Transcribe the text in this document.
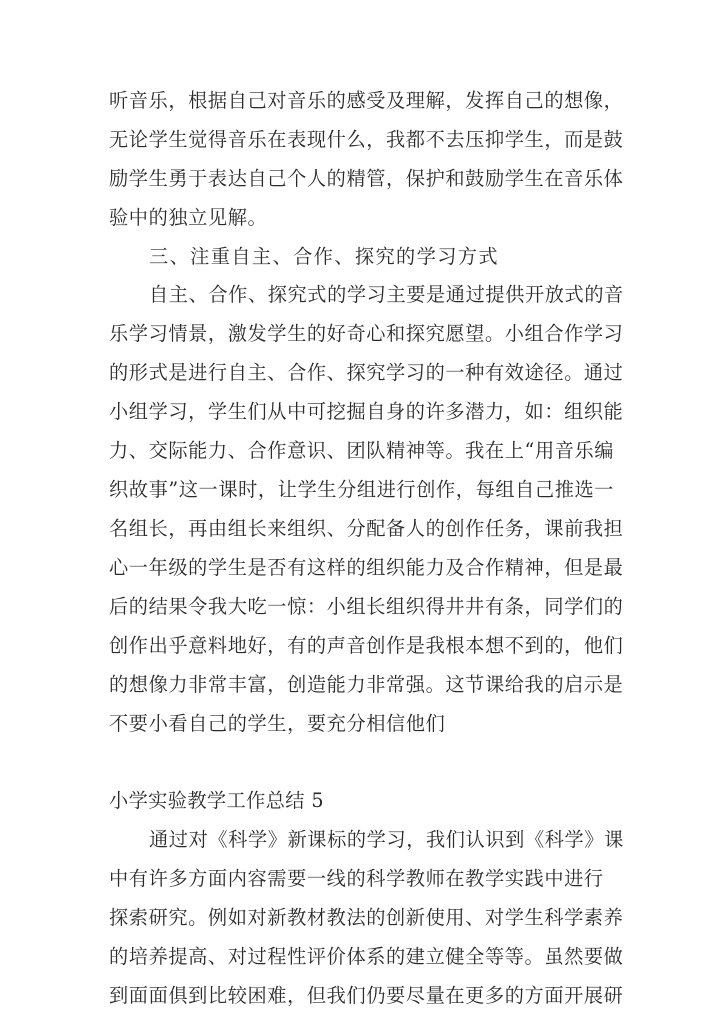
听音乐，根据自己对音乐的感受及理解，发挥自己的想像，

无论学生觉得音乐在表现什么，我都不去压抑学生，而是鼓

励学生勇于表达自己个人的精管，保护和鼓励学生在音乐体

验中的独立见解。

三、注重自主、合作、探究的学习方式

自主、合作、探究式的学习主要是通过提供开放式的音

乐学习情景，激发学生的好奇心和探究愿望。小组合作学习

的形式是进行自主、合作、探究学习的一种有效途径。通过

小组学习，学生们从中可挖掘自身的许多潜力，如：组织能

力、交际能力、合作意识、团队精神等。我在上“用音乐编

织故事”这一课时，让学生分组进行创作，每组自己推选一

名组长，再由组长来组织、分配备人的创作任务，课前我担

心一年级的学生是否有这样的组织能力及合作精神，但是最

后的结果令我大吃一惊：小组长组织得井井有条，同学们的

创作出乎意料地好，有的声音创作是我根本想不到的，他们

的想像力非常丰富，创造能力非常强。这节课给我的启示是

不要小看自己的学生，要充分相信他们

小学实验教学工作总结 5

通过对《科学》新课标的学习，我们认识到《科学》课

中有许多方面内容需要一线的科学教师在教学实践中进行

探索研究。例如对新教材教法的创新使用、对学生科学素养

的培养提高、对过程性评价体系的建立健全等等。虽然要做

到面面俱到比较困难，但我们仍要尽量在更多的方面开展研
